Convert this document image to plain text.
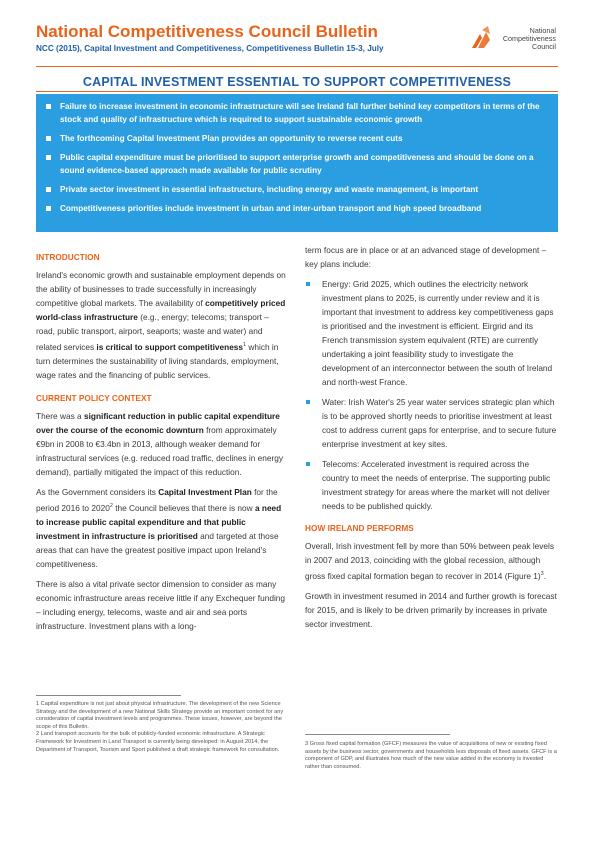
National Competitiveness Council Bulletin
NCC (2015), Capital Investment and Competitiveness, Competitiveness Bulletin 15-3, July
National
Competitiveness
Council
CAPITAL INVESTMENT ESSENTIAL TO SUPPORT COMPETITIVENESS
Failure to increase investment in economic infrastructure will see Ireland fall further behind key competitors in terms of the stock and quality of infrastructure which is required to support sustainable economic growth
The forthcoming Capital Investment Plan provides an opportunity to reverse recent cuts
Public capital expenditure must be prioritised to support enterprise growth and competitiveness and should be done on a sound evidence-based approach made available for public scrutiny
Private sector investment in essential infrastructure, including energy and waste management, is important
Competitiveness priorities include investment in urban and inter-urban transport and high speed broadband
INTRODUCTION

Ireland's economic growth and sustainable employment depends on the ability of businesses to trade successfully in increasingly competitive global markets. The availability of competitively priced world-class infrastructure (e.g., energy; telecoms; transport – road, public transport, airport, seaports; waste and water) and related services is critical to support competitiveness$^1$ which in turn determines the sustainability of living standards, employment, wage rates and the financing of public services.

CURRENT POLICY CONTEXT

There was a significant reduction in public capital expenditure over the course of the economic downturn from approximately €9bn in 2008 to €3.4bn in 2013, although weaker demand for infrastructural services (e.g. reduced road traffic, declines in energy demand), partially mitigated the impact of this reduction.

As the Government considers its Capital Investment Plan for the period 2016 to 2020$^2$ the Council believes that there is now a need to increase public capital expenditure and that public investment in infrastructure is prioritised and targeted at those areas that can have the greatest positive impact upon Ireland's competitiveness.

There is also a vital private sector dimension to consider as many economic infrastructure areas receive little if any Exchequer funding – including energy, telecoms, waste and air and sea ports infrastructure. Investment plans with a long-

term focus are in place or at an advanced stage of development – key plans include:

Energy: Grid 2025, which outlines the electricity network investment plans to 2025, is currently under review and it is important that investment to address key competitiveness gaps is prioritised and the investment is efficient. Eirgrid and its French transmission system equivalent (RTE) are currently undertaking a joint feasibility study to investigate the development of an interconnector between the south of Ireland and north-west France.
Water: Irish Water's 25 year water services strategic plan which is to be approved shortly needs to prioritise investment at least cost to address current gaps for enterprise, and to secure future enterprise investment at key sites.
Telecoms: Accelerated investment is required across the country to meet the needs of enterprise. The supporting public investment strategy for areas where the market will not deliver needs to be published quickly.
HOW IRELAND PERFORMS

Overall, Irish investment fell by more than 50% between peak levels in 2007 and 2013, coinciding with the global recession, although gross fixed capital formation began to recover in 2014 (Figure 1)$^3$.

Growth in investment resumed in 2014 and further growth is forecast for 2015, and is likely to be driven primarily by increases in private sector investment.

1 Capital expenditure is not just about physical infrastructure. The development of the new Science Strategy and the development of a new National Skills Strategy provide an important context for any consideration of capital investment levels and programmes. These issues, however, are beyond the scope of this Bulletin.
2 Land transport accounts for the bulk of publicly-funded economic infrastructure. A Strategic Framework for Investment in Land Transport is currently being developed: in August 2014, the Department of Transport, Tourism and Sport published a draft strategic framework for consultation.
3 Gross fixed capital formation (GFCF) measures the value of acquisitions of new or existing fixed assets by the business sector, governments and households less disposals of fixed assets. GFCF is a component of GDP, and illustrates how much of the new value added in the economy is invested rather than consumed.
